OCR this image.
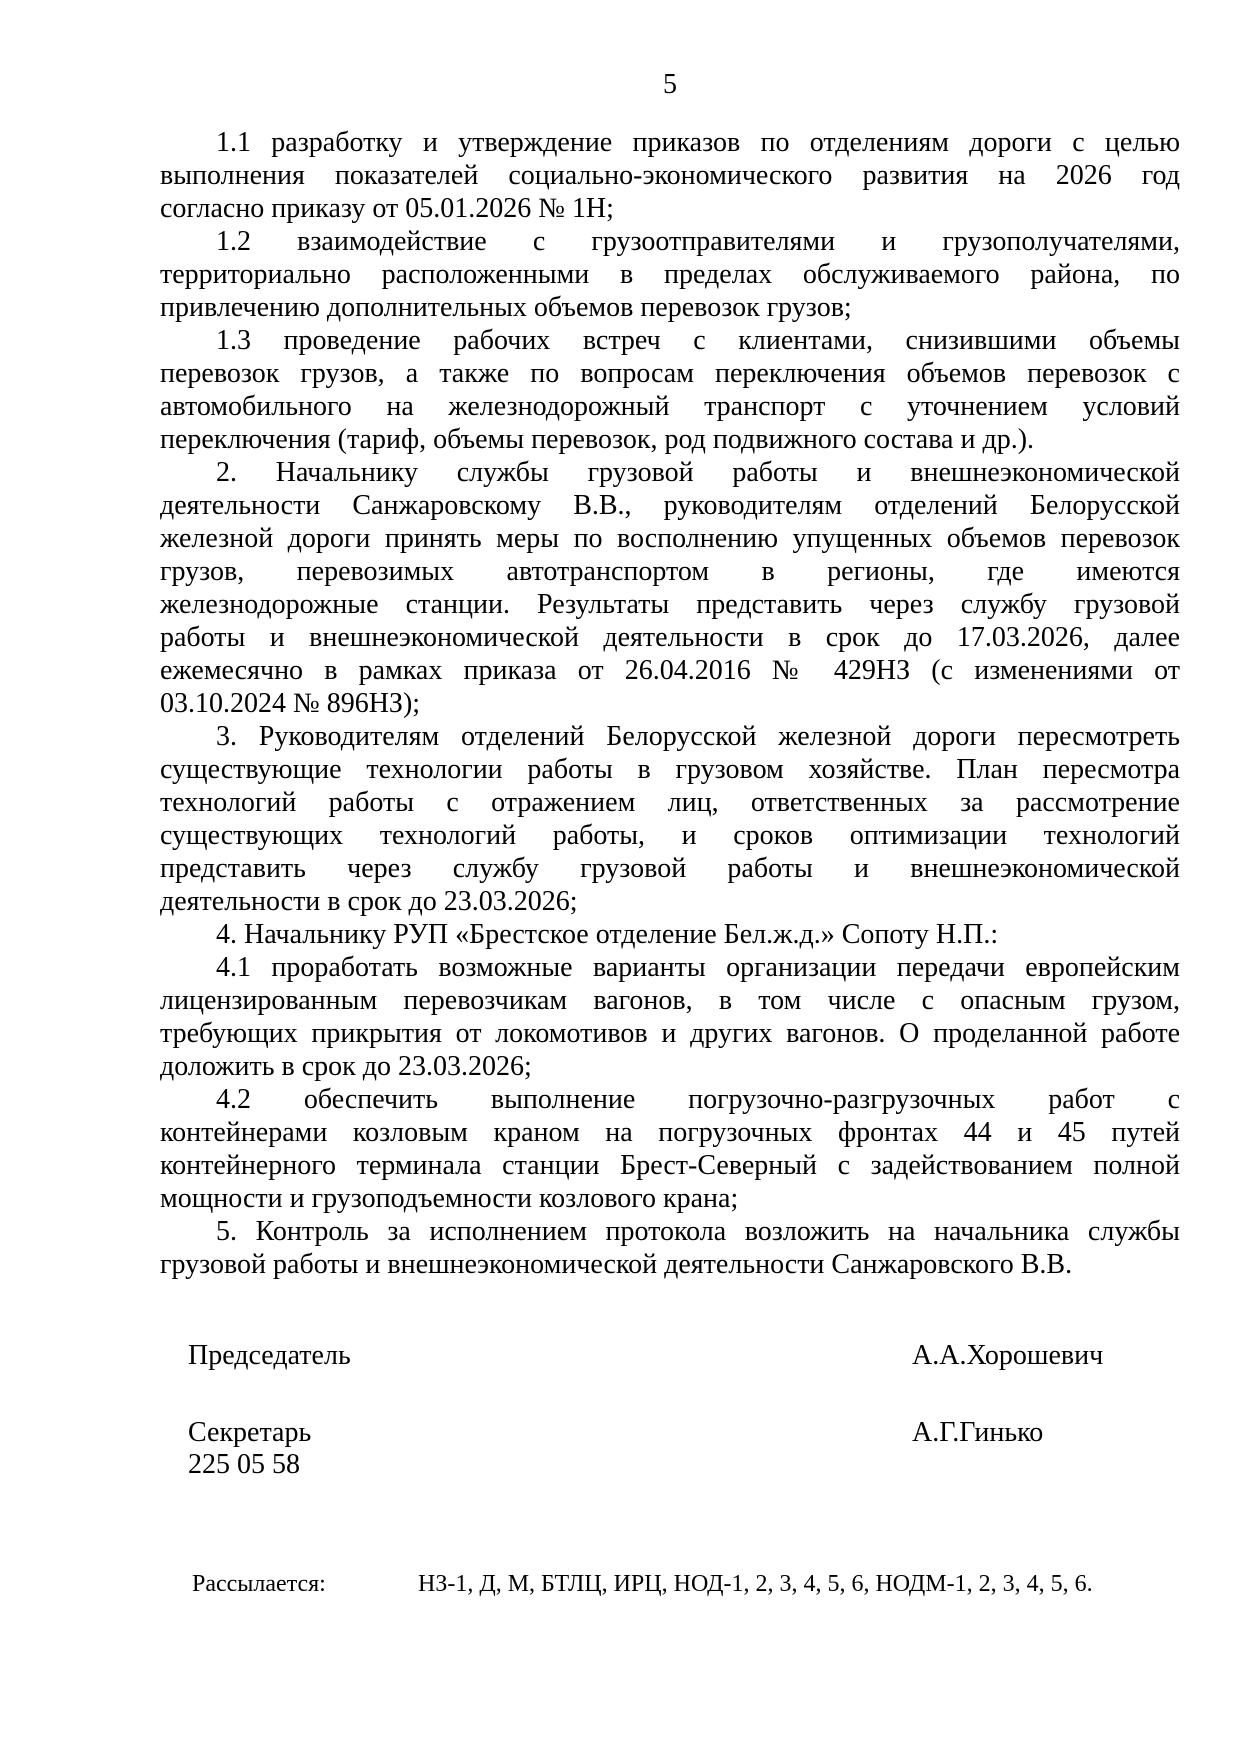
5
1.1 разработку и утверждение приказов по отделениям дороги с целью
выполнения показателей социально-экономического развития на 2026 год
согласно приказу от 05.01.2026 № 1Н;
1.2 взаимодействие с грузоотправителями и грузополучателями,
территориально расположенными в пределах обслуживаемого района, по
привлечению дополнительных объемов перевозок грузов;
1.3 проведение рабочих встреч с клиентами, снизившими объемы
перевозок грузов, а также по вопросам переключения объемов перевозок с
автомобильного на железнодорожный транспорт с уточнением условий
переключения (тариф, объемы перевозок, род подвижного состава и др.).
2. Начальнику службы грузовой работы и внешнеэкономической
деятельности Санжаровскому В.В., руководителям отделений Белорусской
железной дороги принять меры по восполнению упущенных объемов перевозок
грузов, перевозимых автотранспортом в регионы, где имеются
железнодорожные станции. Результаты представить через службу грузовой
работы и внешнеэкономической деятельности в срок до 17.03.2026, далее
ежемесячно в рамках приказа от 26.04.2016 № 429НЗ (с изменениями от
03.10.2024 № 896НЗ);
3. Руководителям отделений Белорусской железной дороги пересмотреть
существующие технологии работы в грузовом хозяйстве. План пересмотра
технологий работы с отражением лиц, ответственных за рассмотрение
существующих технологий работы, и сроков оптимизации технологий
представить через службу грузовой работы и внешнеэкономической
деятельности в срок до 23.03.2026;
4. Начальнику РУП «Брестское отделение Бел.ж.д.» Сопоту Н.П.:
4.1 проработать возможные варианты организации передачи европейским
лицензированным перевозчикам вагонов, в том числе с опасным грузом,
требующих прикрытия от локомотивов и других вагонов. О проделанной работе
доложить в срок до 23.03.2026;
4.2 обеспечить выполнение погрузочно-разгрузочных работ с
контейнерами козловым краном на погрузочных фронтах 44 и 45 путей
контейнерного терминала станции Брест-Северный с задействованием полной
мощности и грузоподъемности козлового крана;
5. Контроль за исполнением протокола возложить на начальника службы
грузовой работы и внешнеэкономической деятельности Санжаровского В.В.
Председатель	А.А.Хорошевич
Секретарь	А.Г.Гинько
225 05 58
Рассылается:	НЗ-1, Д, М, БТЛЦ, ИРЦ, НОД-1, 2, 3, 4, 5, 6, НОДМ-1, 2, 3, 4, 5, 6.
